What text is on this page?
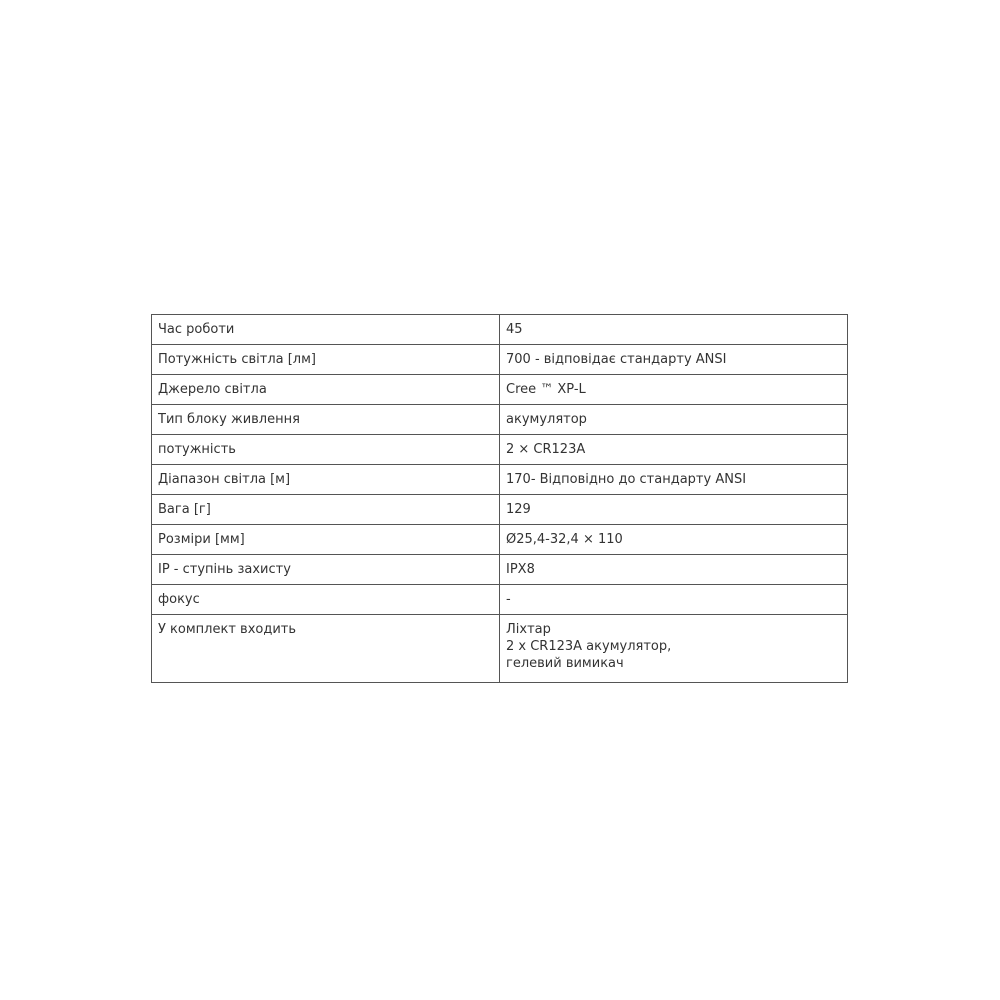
Час роботи	45
Потужність світла [лм]	700 - відповідає стандарту ANSI
Джерело світла	Cree ™ XP-L
Тип блоку живлення	акумулятор
потужність	2 × CR123A
Діапазон світла [м]	170- Відповідно до стандарту ANSI
Вага [г]	129
Розміри [мм]	Ø25,4-32,4 × 110
IP - ступінь захисту	IPX8
фокус	-
У комплект входить	Ліхтар
2 x CR123A акумулятор,
гелевий вимикач
